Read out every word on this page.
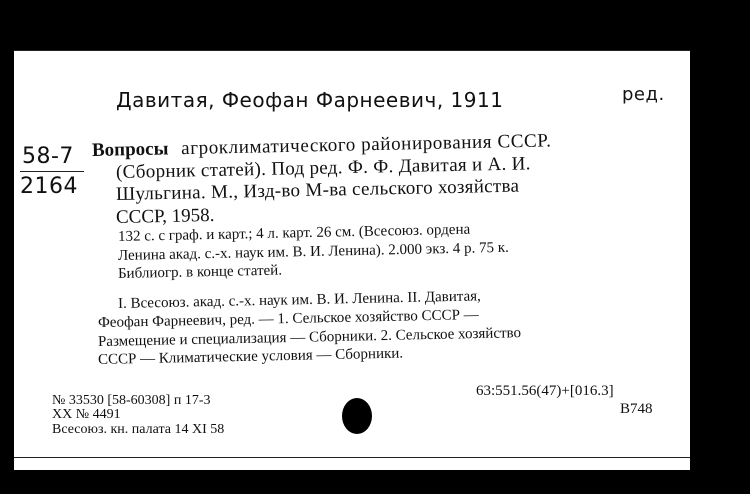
Давитая, Феофан Фарнеевич, 1911	ред.
58-7
2164
Вопросы агроклиматического районирования СССР.
(Сборник статей). Под ред. Ф. Ф. Давитая и А. И.
Шульгина. М., Изд-во М-ва сельского хозяйства
СССР, 1958.
132 с. с граф. и карт.; 4 л. карт. 26 см. (Всесоюз. ордена
Ленина акад. с.-х. наук им. В. И. Ленина). 2.000 экз. 4 р. 75 к.
Библиогр. в конце статей.
I. Всесоюз. акад. с.-х. наук им. В. И. Ленина. II. Давитая,
Феофан Фарнеевич, ред. — 1. Сельское хозяйство СССР —
Размещение и специализация — Сборники. 2. Сельское хозяйство
СССР — Климатические условия — Сборники.
№ 33530 [58-60308] п 17-3
XX № 4491
Всесоюз. кн. палата 14 XI 58
63:551.56(47)+[016.3]
В748
